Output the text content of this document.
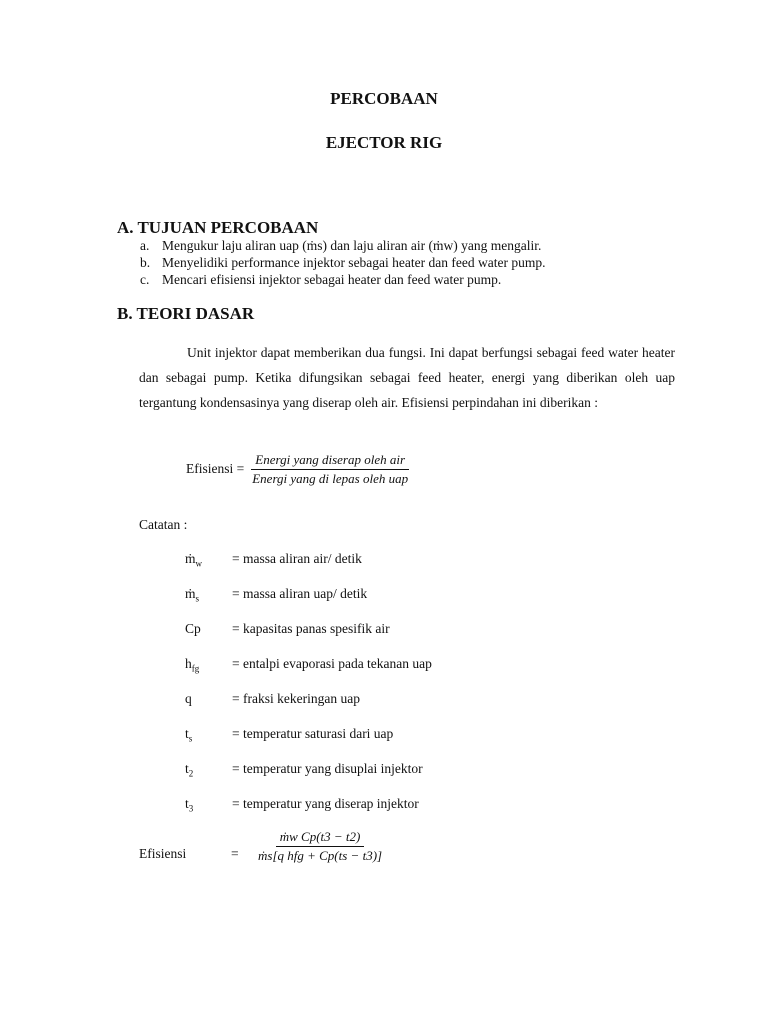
PERCOBAAN
EJECTOR RIG
A. TUJUAN PERCOBAAN
a. Mengukur laju aliran uap (ṁs) dan laju aliran air (ṁw) yang mengalir.
b. Menyelidiki performance injektor sebagai heater dan feed water pump.
c. Mencari efisiensi injektor sebagai heater dan feed water pump.
B. TEORI DASAR
Unit injektor dapat memberikan dua fungsi. Ini dapat berfungsi sebagai feed water heater dan sebagai pump. Ketika difungsikan sebagai feed heater, energi yang diberikan oleh uap tergantung kondensasinya yang diserap oleh air. Efisiensi perpindahan ini diberikan :
Efisiensi = $\frac{\text{Energi yang diserap oleh air}}{\text{Energi yang di lepas oleh uap}}$
Catatan :
ṁ$_w$ = massa aliran air/ detik
ṁ$_s$ = massa aliran uap/ detik
Cp = kapasitas panas spesifik air
$h_{fg}$ = entalpi evaporasi pada tekanan uap
q	= fraksi kekeringan uap
$t_s$	= temperatur saturasi dari uap
$t_2$	= temperatur yang disuplai injektor
$t_3$	= temperatur yang diserap injektor
Efisiensi	= $\frac{\text{ṁw Cp(t3 − t2)}}{\text{ṁs[q hfg + Cp(ts − t3)]}}$
